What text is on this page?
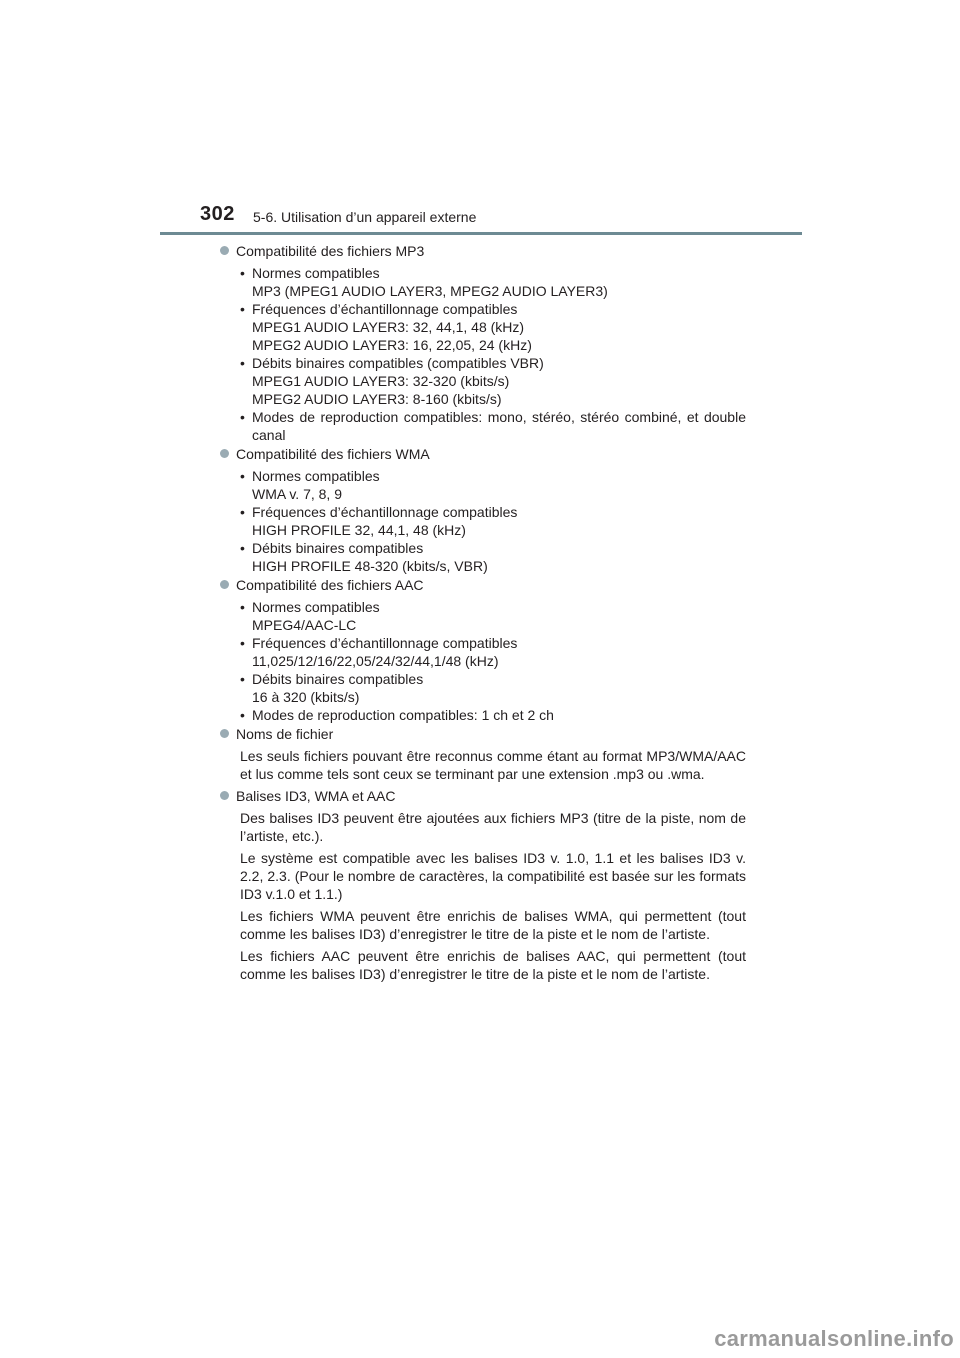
302 5-6. Utilisation d’un appareil externe
Compatibilité des fichiers MP3
• Normes compatibles
MP3 (MPEG1 AUDIO LAYER3, MPEG2 AUDIO LAYER3)
• Fréquences d’échantillonnage compatibles
MPEG1 AUDIO LAYER3: 32, 44,1, 48 (kHz)
MPEG2 AUDIO LAYER3: 16, 22,05, 24 (kHz)
• Débits binaires compatibles (compatibles VBR)
MPEG1 AUDIO LAYER3: 32-320 (kbits/s)
MPEG2 AUDIO LAYER3: 8-160 (kbits/s)
• Modes de reproduction compatibles: mono, stéréo, stéréo combiné, et double canal
Compatibilité des fichiers WMA
• Normes compatibles
WMA v. 7, 8, 9
• Fréquences d’échantillonnage compatibles
HIGH PROFILE 32, 44,1, 48 (kHz)
• Débits binaires compatibles
HIGH PROFILE 48-320 (kbits/s, VBR)
Compatibilité des fichiers AAC
• Normes compatibles
MPEG4/AAC-LC
• Fréquences d’échantillonnage compatibles
11,025/12/16/22,05/24/32/44,1/48 (kHz)
• Débits binaires compatibles
16 à 320 (kbits/s)
• Modes de reproduction compatibles: 1 ch et 2 ch
Noms de fichier

Les seuls fichiers pouvant être reconnus comme étant au format MP3/WMA/AAC et lus comme tels sont ceux se terminant par une extension .mp3 ou .wma.

Balises ID3, WMA et AAC

Des balises ID3 peuvent être ajoutées aux fichiers MP3 (titre de la piste, nom de l’artiste, etc.).

Le système est compatible avec les balises ID3 v. 1.0, 1.1 et les balises ID3 v. 2.2, 2.3. (Pour le nombre de caractères, la compatibilité est basée sur les formats ID3 v.1.0 et 1.1.)

Les fichiers WMA peuvent être enrichis de balises WMA, qui permettent (tout comme les balises ID3) d’enregistrer le titre de la piste et le nom de l’artiste.

Les fichiers AAC peuvent être enrichis de balises AAC, qui permettent (tout comme les balises ID3) d’enregistrer le titre de la piste et le nom de l’artiste.

carmanualsonline.info
